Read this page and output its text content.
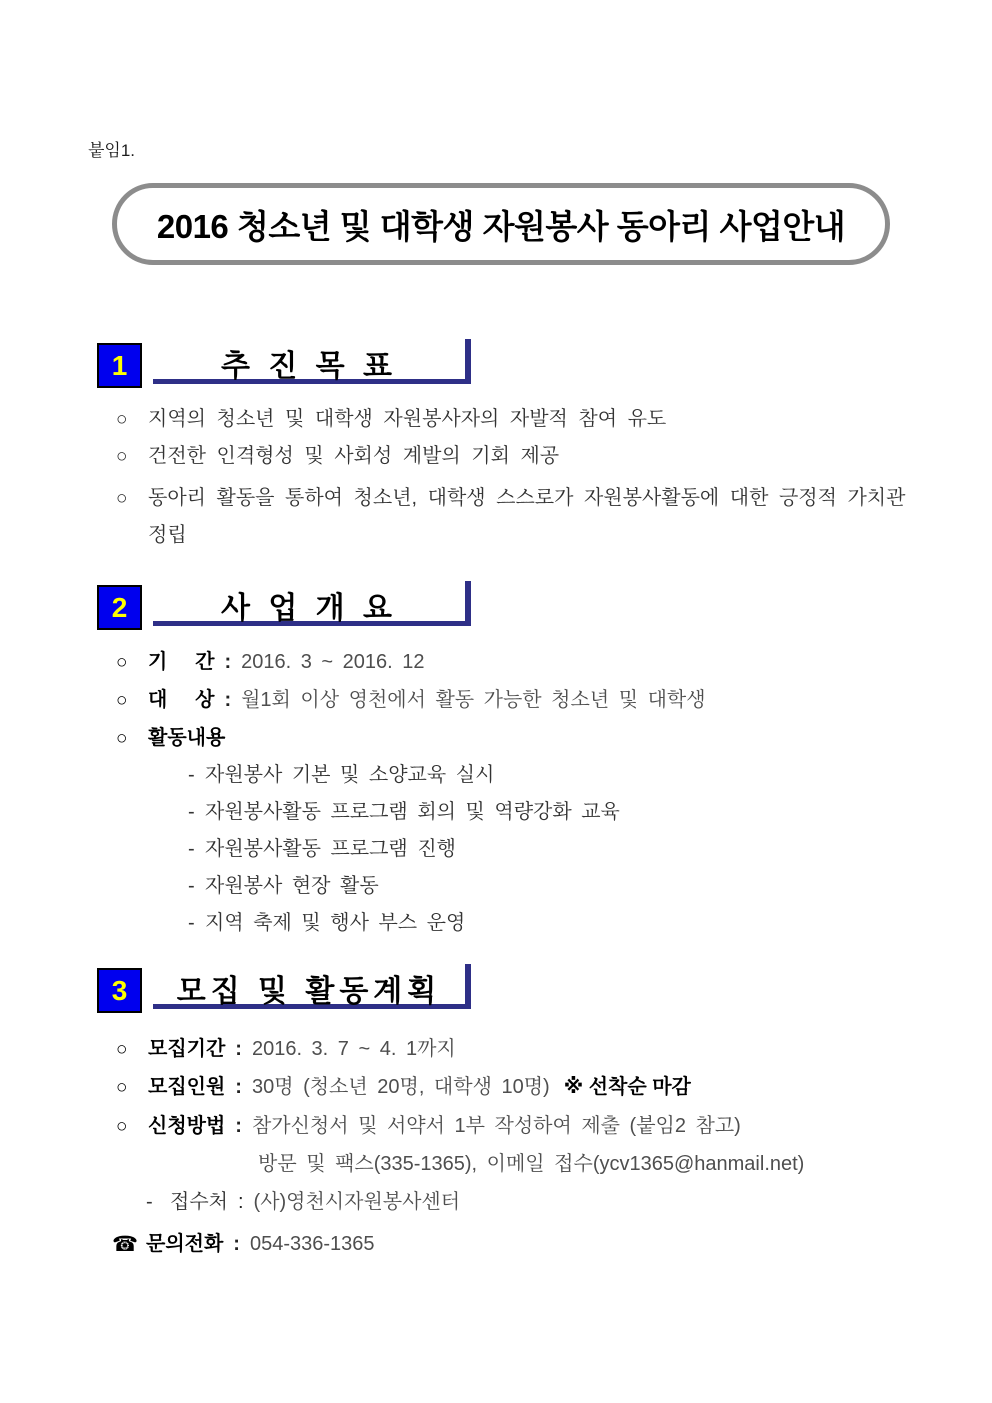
붙임1.
2016 청소년 및 대학생 자원봉사 동아리 사업안내
1	추 진 목 표
○	지역의 청소년 및 대학생 자원봉사자의 자발적 참여 유도
○	건전한 인격형성 및 사회성 계발의 기회 제공
○	동아리 활동을 통하여 청소년, 대학생 스스로가 자원봉사활동에 대한 긍정적 가치관 정립
2	사 업 개 요
○	기     간 : 2016. 3 ~ 2016. 12
○	대     상 : 월1회 이상 영천에서 활동 가능한 청소년 및 대학생
○	활동내용
- 자원봉사 기본 및 소양교육 실시
- 자원봉사활동 프로그램 회의 및 역량강화 교육
- 자원봉사활동 프로그램 진행
- 자원봉사 현장 활동
- 지역 축제 및 행사 부스 운영
3	모집 및 활동계획
○	모집기간 : 2016. 3. 7 ~ 4. 1까지
○	모집인원 : 30명 (청소년 20명, 대학생 10명) ※ 선착순 마감
○	신청방법 : 참가신청서 및 서약서 1부 작성하여 제출 (붙임2 참고)
방문 및 팩스(335-1365), 이메일 접수(ycv1365@hanmail.net)
- 접수처 : (사)영천시자원봉사센터
☎ 문의전화 : 054-336-1365
